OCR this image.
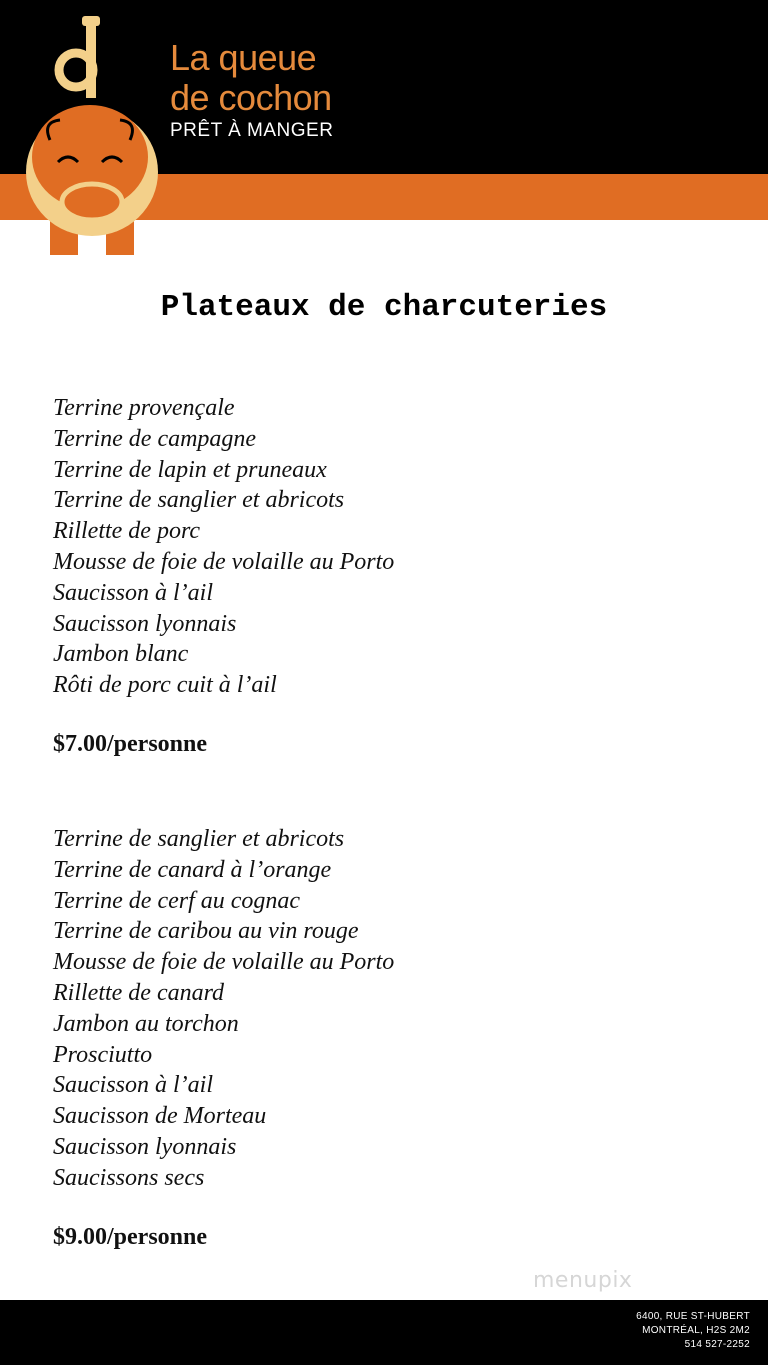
La queue
de cochon
PRÊT À MANGER
Plateaux de charcuteries
Terrine provençale
Terrine de campagne
Terrine de lapin et pruneaux
Terrine de sanglier et abricots
Rillette de porc
Mousse de foie de volaille au Porto
Saucisson à l’ail
Saucisson lyonnais
Jambon blanc
Rôti de porc cuit à l’ail
$7.00/personne
Terrine de sanglier et abricots
Terrine de canard à l’orange
Terrine de cerf au cognac
Terrine de caribou au vin rouge
Mousse de foie de volaille au Porto
Rillette de canard
Jambon au torchon
Prosciutto
Saucisson à l’ail
Saucisson de Morteau
Saucisson lyonnais
Saucissons secs
$9.00/personne
menupix
6400, RUE ST-HUBERT
MONTRÉAL, H2S 2M2
514 527-2252
